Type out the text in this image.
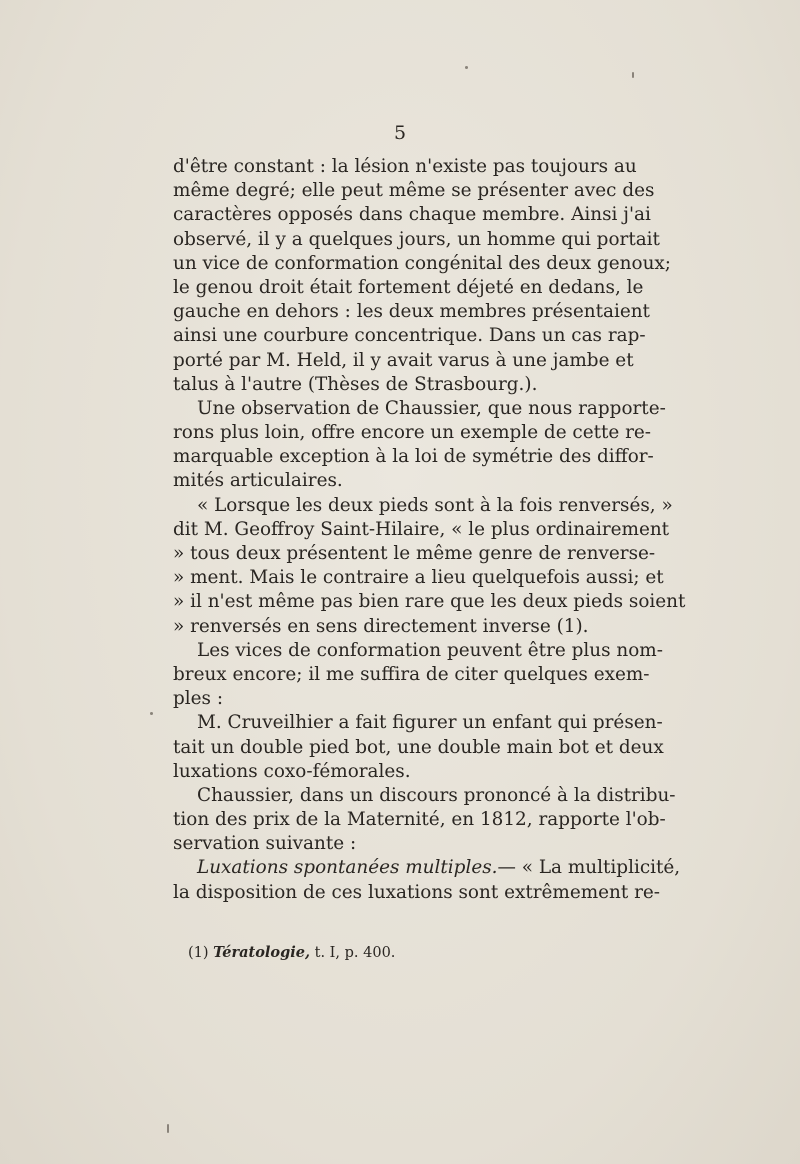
5
d'être constant : la lésion n'existe pas toujours au
même degré; elle peut même se présenter avec des
caractères opposés dans chaque membre. Ainsi j'ai
observé, il y a quelques jours, un homme qui portait
un vice de conformation congénital des deux genoux;
le genou droit était fortement déjeté en dedans, le
gauche en dehors : les deux membres présentaient
ainsi une courbure concentrique. Dans un cas rap-
porté par M. Held, il y avait varus à une jambe et
talus à l'autre (Thèses de Strasbourg.).
Une observation de Chaussier, que nous rapporte-
rons plus loin, offre encore un exemple de cette re-
marquable exception à la loi de symétrie des diffor-
mités articulaires.
« Lorsque les deux pieds sont à la fois renversés, »
dit M. Geoffroy Saint-Hilaire, « le plus ordinairement
» tous deux présentent le même genre de renverse-
» ment. Mais le contraire a lieu quelquefois aussi; et
» il n'est même pas bien rare que les deux pieds soient
» renversés en sens directement inverse (1).
Les vices de conformation peuvent être plus nom-
breux encore; il me suffira de citer quelques exem-
ples :
M. Cruveilhier a fait figurer un enfant qui présen-
tait un double pied bot, une double main bot et deux
luxations coxo-fémorales.
Chaussier, dans un discours prononcé à la distribu-
tion des prix de la Maternité, en 1812, rapporte l'ob-
servation suivante :
Luxations spontanées multiples.— « La multiplicité,
la disposition de ces luxations sont extrêmement re-
(1) Tératologie, t. I, p. 400.
